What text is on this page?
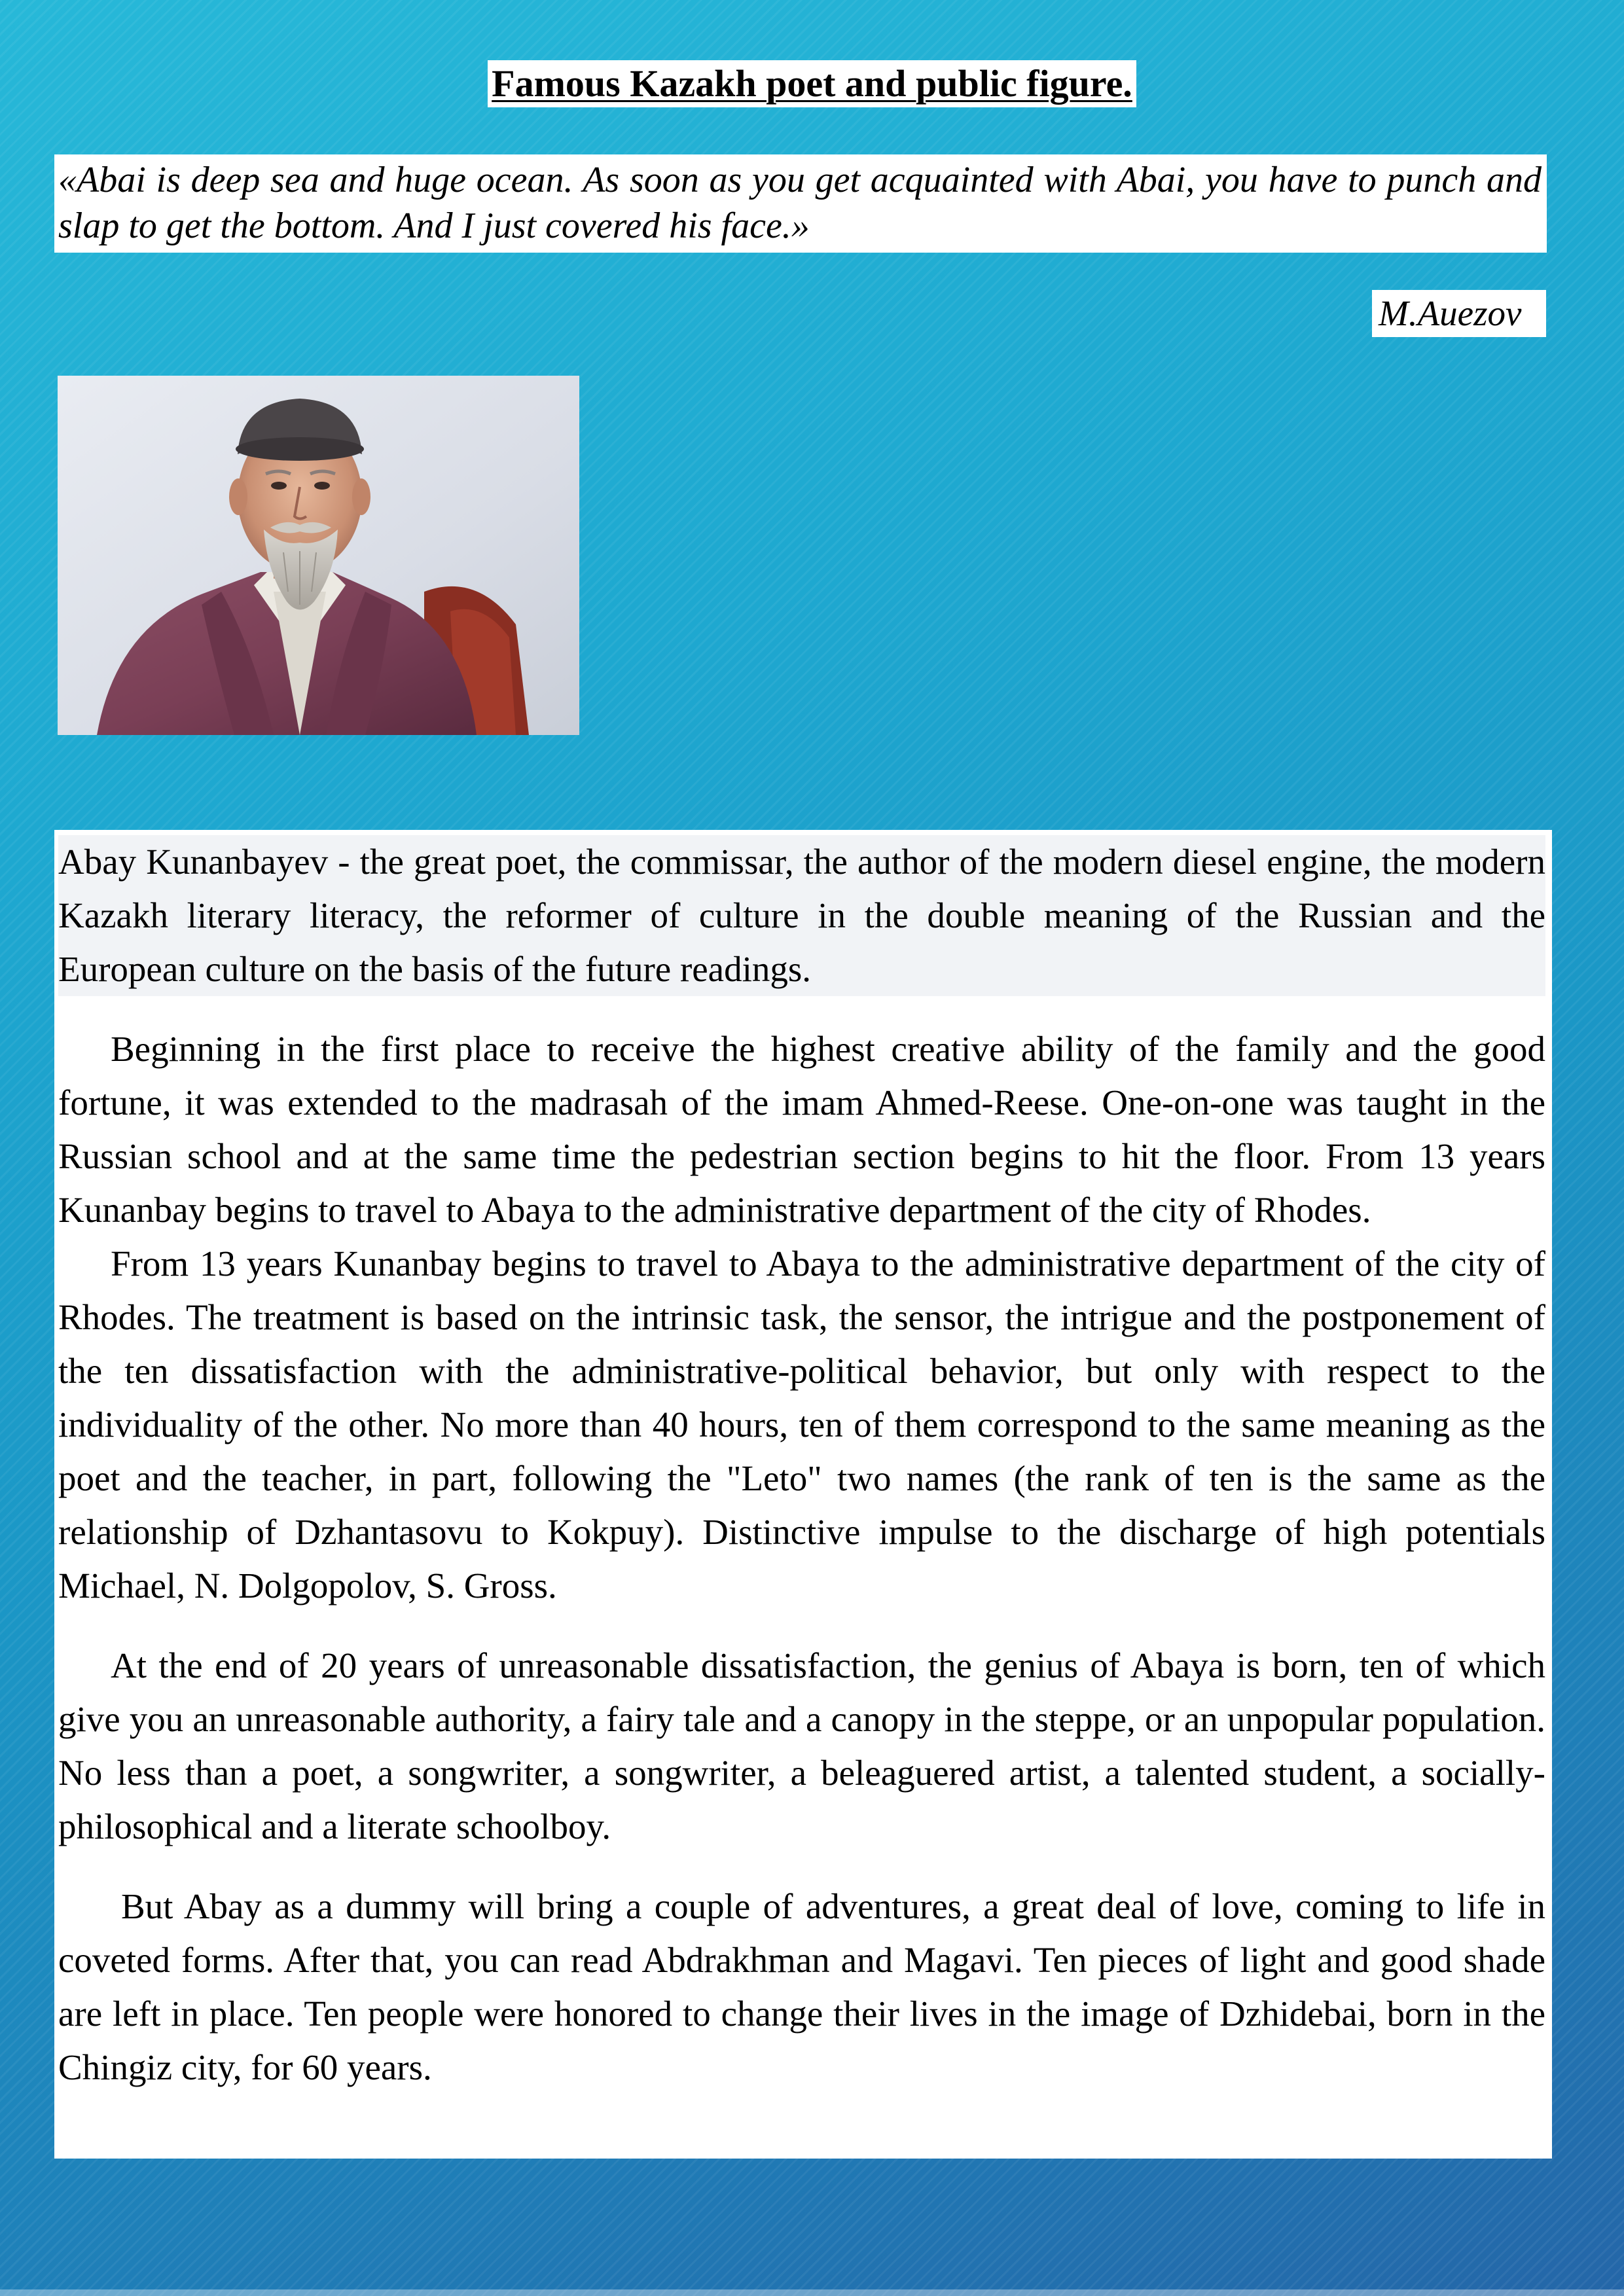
Famous Kazakh poet and public figure.
«Abai is deep sea and huge ocean. As soon as you get acquainted with Abai, you have to punch and slap to get the bottom. And I just covered his face.»
M.Auezov

Abay Kunanbayev - the great poet, the commissar, the author of the modern diesel engine, the modern Kazakh literary literacy, the reformer of culture in the double meaning of the Russian and the European culture on the basis of the future readings.

Beginning in the first place to receive the highest creative ability of the family and the good fortune, it was extended to the madrasah of the imam Ahmed-Reese. One-on-one was taught in the Russian school and at the same time the pedestrian section begins to hit the floor. From 13 years Kunanbay begins to travel to Abaya to the administrative department of the city of Rhodes.

From 13 years Kunanbay begins to travel to Abaya to the administrative department of the city of Rhodes. The treatment is based on the intrinsic task, the sensor, the intrigue and the postponement of the ten dissatisfaction with the administrative-political behavior, but only with respect to the individuality of the other. No more than 40 hours, ten of them correspond to the same meaning as the poet and the teacher, in part, following the "Leto" two names (the rank of ten is the same as the relationship of Dzhantasovu to Kokpuy). Distinctive impulse to the discharge of high potentials Michael, N. Dolgopolov, S. Gross.

At the end of 20 years of unreasonable dissatisfaction, the genius of Abaya is born, ten of which give you an unreasonable authority, a fairy tale and a canopy in the steppe, or an unpopular population. No less than a poet, a songwriter, a songwriter, a beleaguered artist, a talented student, a socially-philosophical and a literate schoolboy.

But Abay as a dummy will bring a couple of adventures, a great deal of love, coming to life in coveted forms. After that, you can read Abdrakhman and Magavi. Ten pieces of light and good shade are left in place. Ten people were honored to change their lives in the image of Dzhidebai, born in the Chingiz city, for 60 years.
